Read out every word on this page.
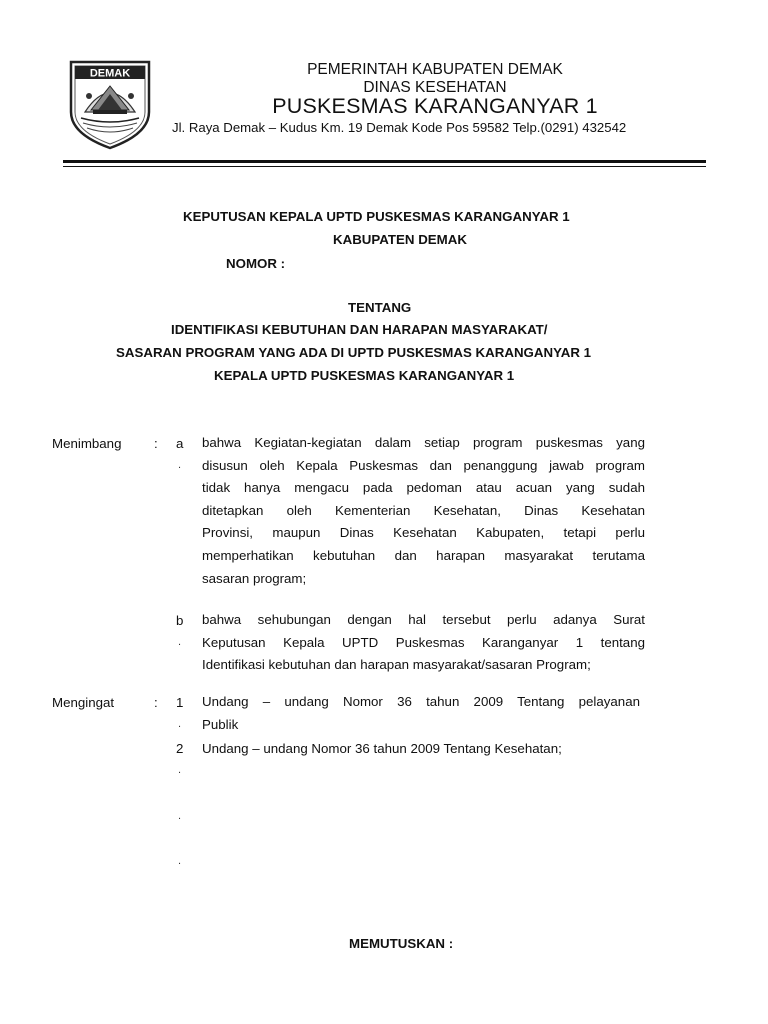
DEMAK	PEMERINTAH KABUPATEN DEMAK
DINAS KESEHATAN
PUSKESMAS KARANGANYAR 1
Jl. Raya Demak – Kudus Km. 19 Demak Kode Pos 59582 Telp.(0291) 432542
KEPUTUSAN KEPALA UPTD PUSKESMAS KARANGANYAR 1
KABUPATEN DEMAK
NOMOR :
TENTANG
IDENTIFIKASI KEBUTUHAN DAN HARAPAN MASYARAKAT/
SASARAN PROGRAM YANG ADA DI UPTD PUSKESMAS KARANGANYAR 1
KEPALA UPTD PUSKESMAS KARANGANYAR 1
Menimbang : a
.
bahwa Kegiatan-kegiatan dalam setiap program puskesmas yang
disusun oleh Kepala Puskesmas dan penanggung jawab program
tidak hanya mengacu pada pedoman atau acuan yang sudah
ditetapkan oleh Kementerian Kesehatan, Dinas Kesehatan
Provinsi, maupun Dinas Kesehatan Kabupaten, tetapi perlu
memperhatikan kebutuhan dan harapan masyarakat terutama
sasaran program;
b
.
bahwa sehubungan dengan hal tersebut perlu adanya Surat
Keputusan Kepala UPTD Puskesmas Karanganyar 1 tentang
Identifikasi kebutuhan dan harapan masyarakat/sasaran Program;
Mengingat	: 1
.
Undang – undang Nomor 36 tahun 2009 Tentang pelayanan
Publik
2
.
Undang – undang Nomor 36 tahun 2009 Tentang Kesehatan;
.
.
MEMUTUSKAN :
